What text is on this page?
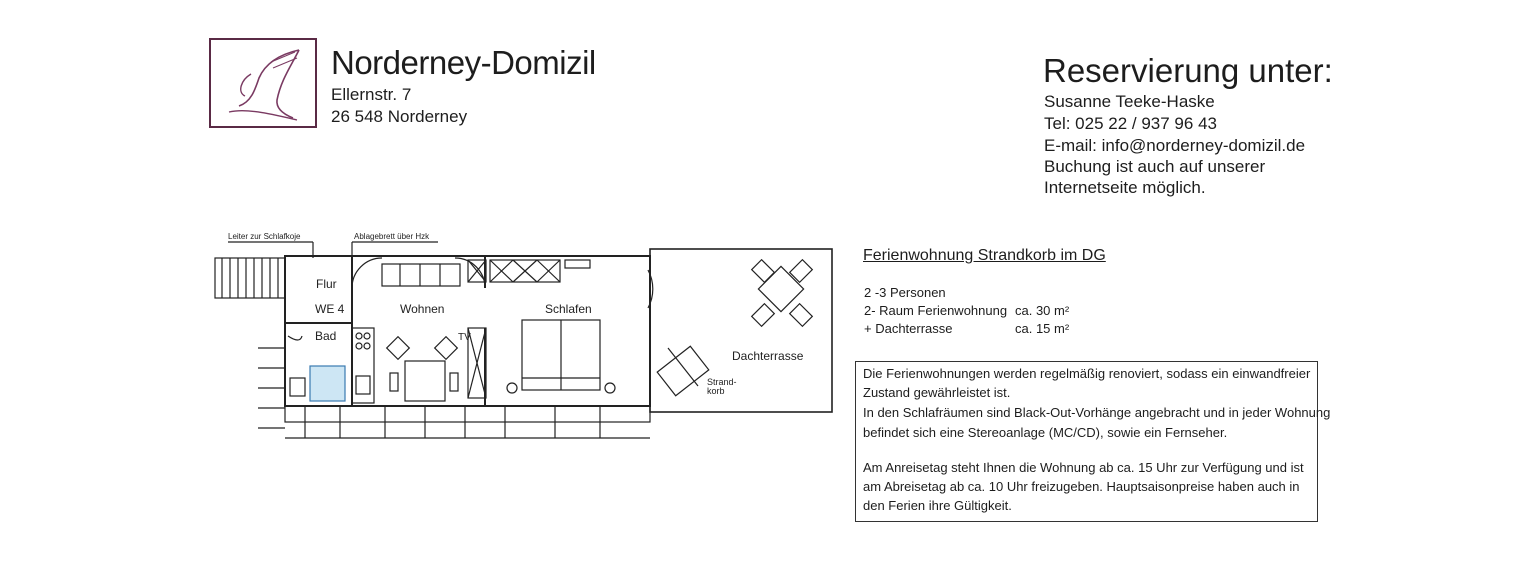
Norderney-Domizil
Ellernstr. 7
26 548 Norderney
Reservierung unter:
Susanne Teeke-Haske
Tel: 025 22 / 937 96 43
E-mail: info@norderney-domizil.de
Buchung ist auch auf unserer
Internetseite möglich.
Leiter zur Schlafkoje	Ablagebrett über Hzk
Flur
WE 4
Bad
Wohnen	Schlafen
TV
Dachterrasse
Strand-
korb
Ferienwohnung Strandkorb im DG
2 -3 Personen
2- Raum Ferienwohnung ca. 30 m²
+ Dachterrasse	ca. 15 m²
Die Ferienwohnungen werden regelmäßig renoviert, sodass ein einwandfreier
Zustand gewährleistet ist.
In den Schlafräumen sind Black-Out-Vorhänge angebracht und in jeder Wohnung
befindet sich eine Stereoanlage (MC/CD), sowie ein Fernseher.
Am Anreisetag steht Ihnen die Wohnung ab ca. 15 Uhr zur Verfügung und ist
am Abreisetag ab ca. 10 Uhr freizugeben. Hauptsaisonpreise haben auch in
den Ferien ihre Gültigkeit.
